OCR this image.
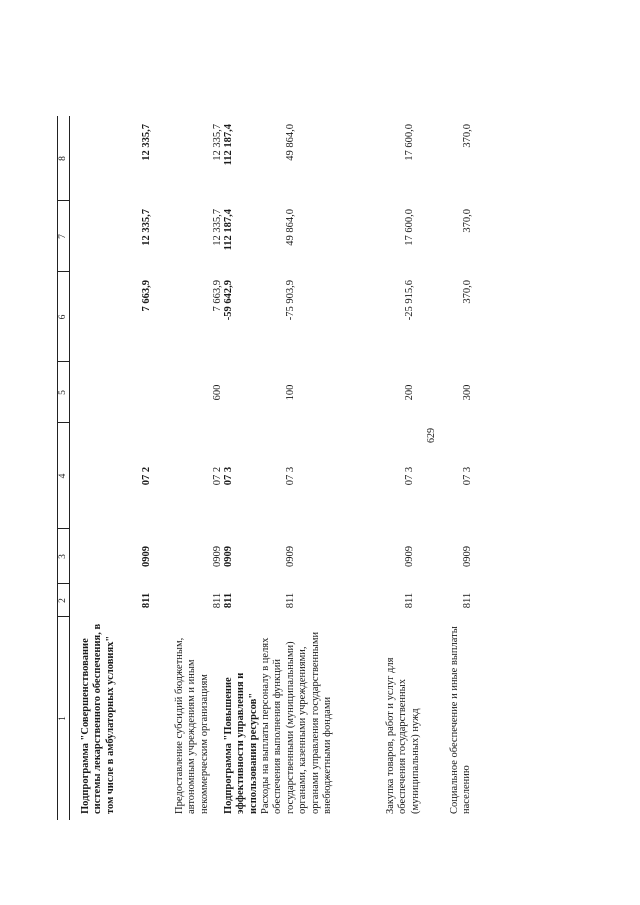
629
1
2
3
4
5
6
7
8
Подпрограмма "Совершенствование системы лекарственного обеспечения, в том числе в амбулаторных условиях"
811
0909
07 2
7 663,9
12 335,7
12 335,7
Предоставление субсидий бюджетным, автономным учреждениям и иным некоммерческим организациям
811
0909
07 2
600
7 663,9
12 335,7
12 335,7
Подпрограмма "Повышение эффективности управления и использования ресурсов"
811
0909
07 3
-59 642,9
112 187,4
112 187,4
Расходы на выплаты персоналу в целях обеспечения выполнения функций государственными (муниципальными) органами, казенными учреждениями, органами управления государственными внебюджетными фондами
811
0909
07 3
100
-75 903,9
49 864,0
49 864,0
Закупка товаров, работ и услуг для обеспечения государственных (муниципальных) нужд
811
0909
07 3
200
-25 915,6
17 600,0
17 600,0
Социальное обеспечение и иные выплаты населению
811
0909
07 3
300
370,0
370,0
370,0
